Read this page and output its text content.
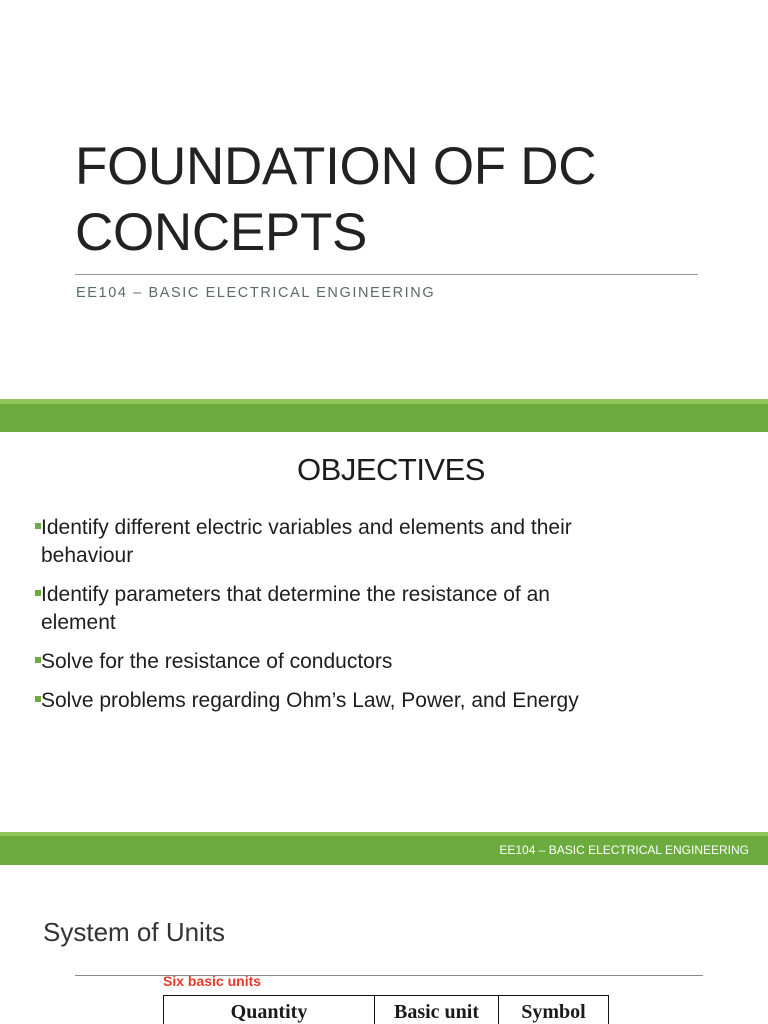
FOUNDATION OF DC
CONCEPTS
EE104 – BASIC ELECTRICAL ENGINEERING
OBJECTIVES
Identify different electric variables and elements and their
behaviour
Identify parameters that determine the resistance of an
element
Solve for the resistance of conductors
Solve problems regarding Ohm’s Law, Power, and Energy
EE104 – BASIC ELECTRICAL ENGINEERING
System of Units
Six basic units
Quantity	Basic unit	Symbol
